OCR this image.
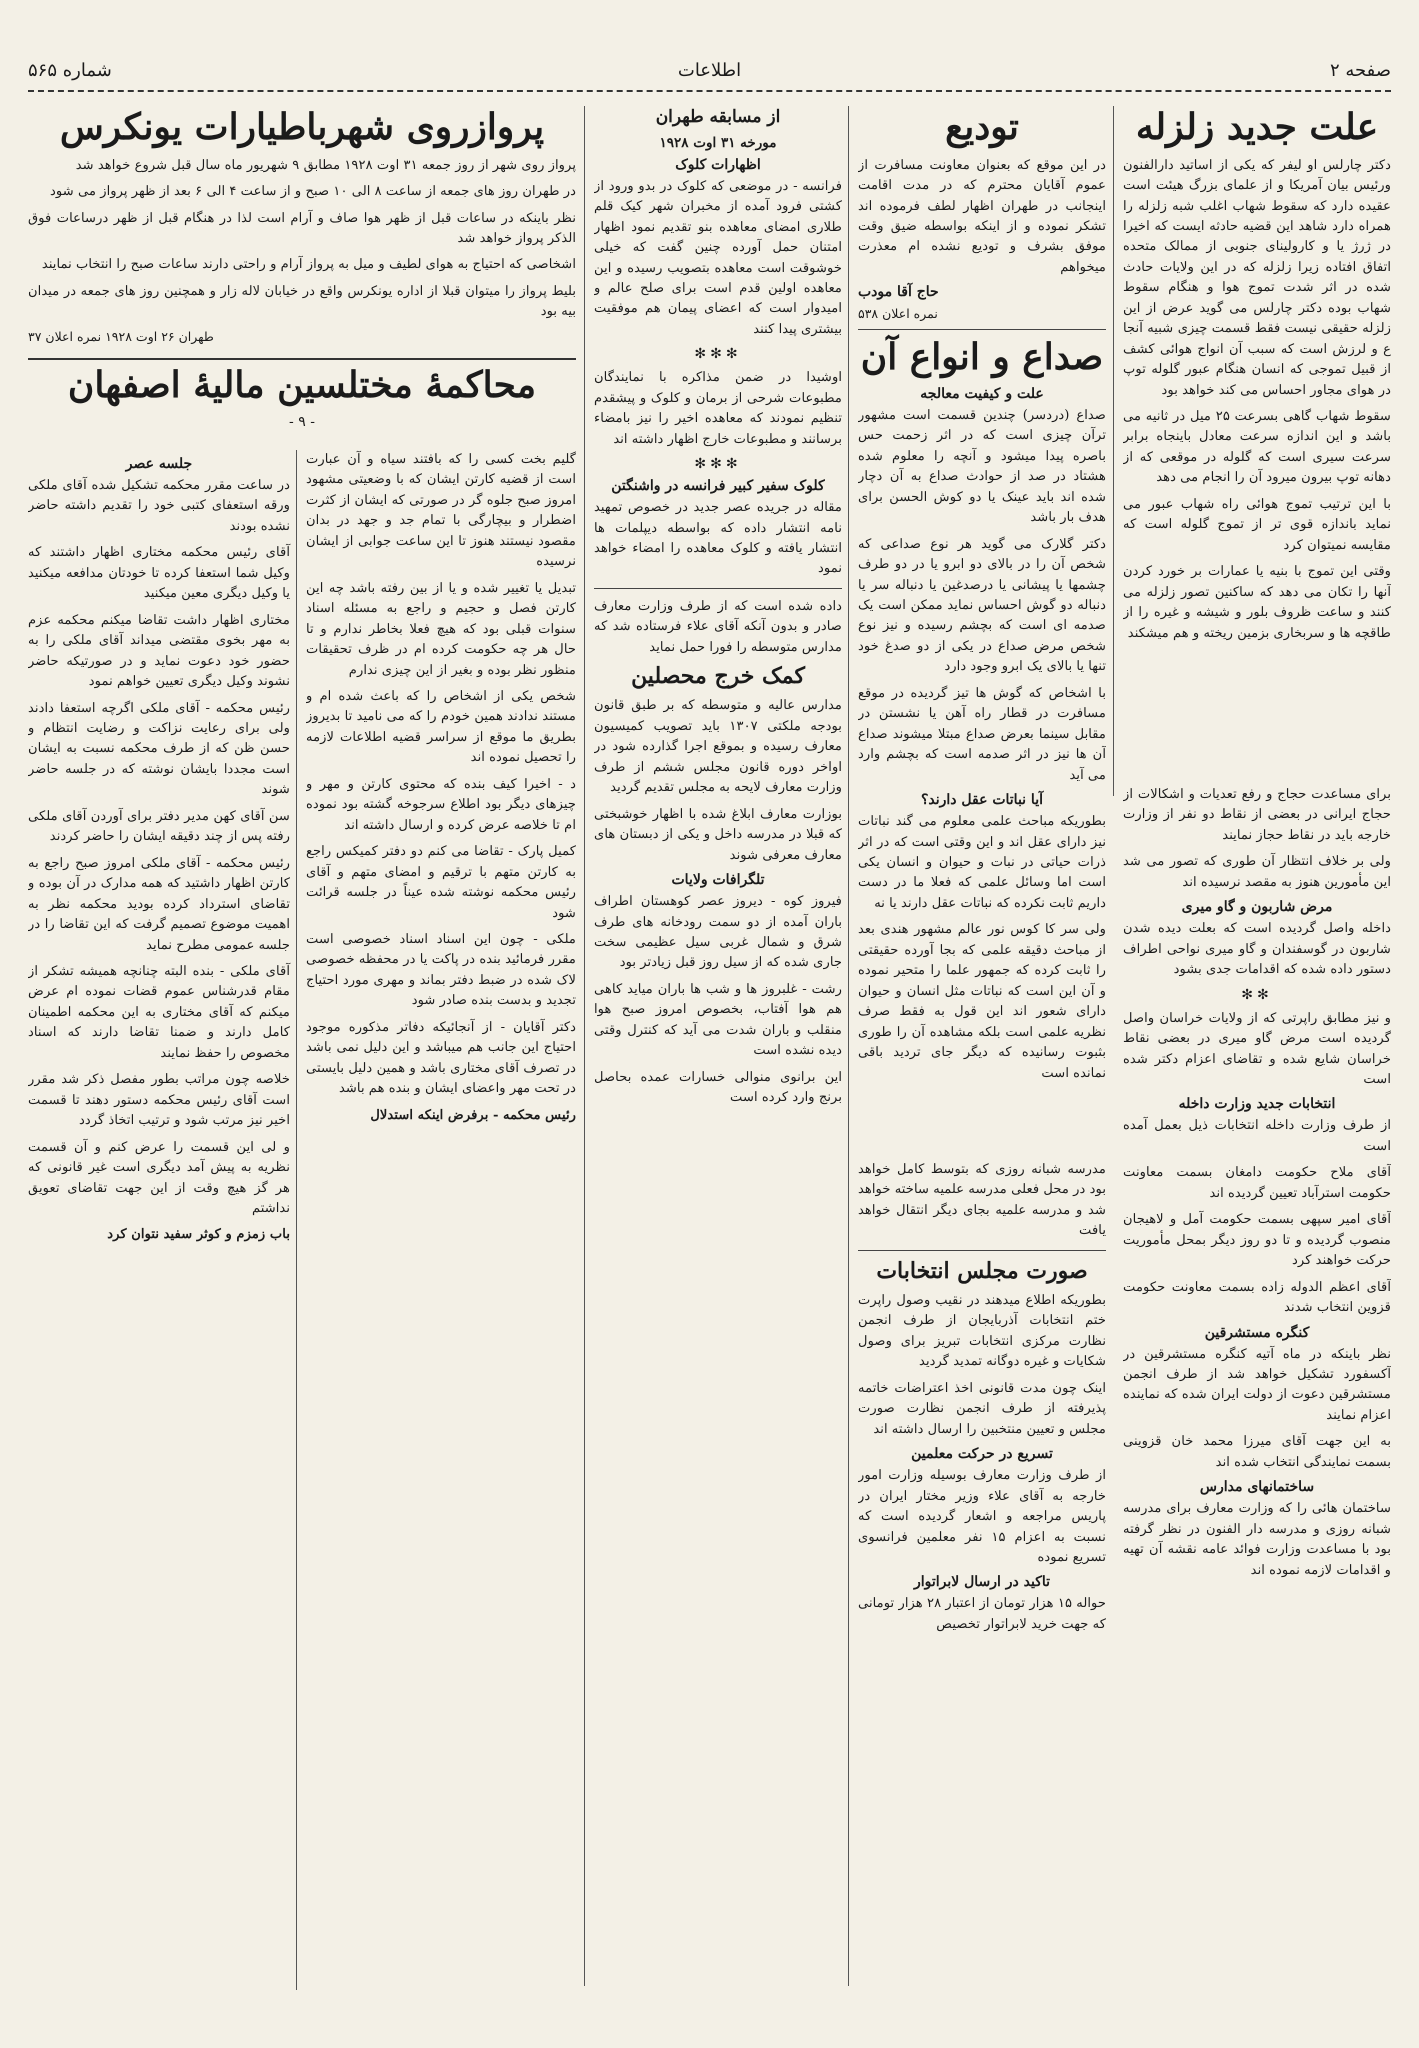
صفحه ۲
اطلاعات
شماره ۵۶۵
علت جدید زلزله

دکتر چارلس او لیفر که یکی از اساتید دارالفنون ورئیس بیان آمریکا و از علمای بزرگ هیئت است عقیده دارد که سقوط شهاب اغلب شبه زلزله را همراه دارد شاهد این قضیه حادثه ایست که اخیرا در ژرژ یا و کارولینای جنوبی از ممالک متحده اتفاق افتاده زیرا زلزله که در این ولایات حادث شده در اثر شدت تموج هوا و هنگام سقوط شهاب بوده دکتر چارلس می گوید عرض از این زلزله حقیقی نیست فقط قسمت چیزی شبیه آنجا ع و لرزش است که سبب آن انواج هوائی کشف از قبیل تموجی که انسان هنگام عبور گلوله توپ در هوای مجاور احساس می کند خواهد بود

سقوط شهاب گاهی بسرعت ۲۵ میل در ثانیه می باشد و این اندازه سرعت معادل باینجاه برابر سرعت سیری است که گلوله در موقعی که از دهانه توپ بیرون میرود آن را انجام می دهد

با این ترتیب تموج هوائی راه شهاب عبور می نماید باندازه قوی تر از تموج گلوله است که مقایسه نمیتوان کرد

وقتی این تموج با بنیه یا عمارات بر خورد کردن آنها را تکان می دهد که ساکنین تصور زلزله می کنند و ساعت ظروف بلور و شیشه و غیره را از طاقچه ها و سربخاری بزمین ریخته و هم میشکند

تودیع

در این موقع که بعنوان معاونت مسافرت از عموم آقایان محترم که در مدت اقامت اینجانب در طهران اظهار لطف فرموده اند تشکر نموده و از اینکه بواسطه ضیق وقت موفق بشرف و تودیع نشده ام معذرت میخواهم

حاج آقا مودب
نمره اعلان ۵۳۸
صداع و انواع آن
علت و کیفیت معالجه

صداع (دردسر) چندین قسمت است مشهور ترآن چیزی است که در اثر زحمت حس باصره پیدا میشود و آنچه را معلوم شده هشتاد در صد از حوادث صداع به آن دچار شده اند باید عینک یا دو کوش الحسن برای هدف بار باشد

دکتر گلارک می گوید هر نوع صداعی که شخص آن را در بالای دو ابرو یا در دو طرف چشمها یا پیشانی یا درصدغین یا دنباله سر یا دنباله دو گوش احساس نماید ممکن است یک صدمه ای است که بچشم رسیده و نیز نوع شخص مرض صداع در یکی از دو صدغ خود تنها یا بالای یک ابرو وجود دارد

با اشخاص که گوش ها تیز گردیده در موقع مسافرت در قطار راه آهن یا نشستن در مقابل سینما بعرض صداع مبتلا میشوند صداع آن ها نیز در اثر صدمه است که بچشم وارد می آید

آیا نباتات عقل دارند؟

بطوریکه مباحث علمی معلوم می گند نباتات نیز دارای عقل اند و این وقتی است که در اثر ذرات حیاتی در نبات و حیوان و انسان یکی است اما وسائل علمی که فعلا ما در دست داریم ثابت نکرده که نباتات عقل دارند یا نه

ولی سر کا کوس نور عالم مشهور هندی بعد از مباحث دقیقه علمی که بجا آورده حقیقتی را ثابت کرده که جمهور علما را متحیر نموده و آن این است که نباتات مثل انسان و حیوان دارای شعور اند این قول به فقط صرف نظریه علمی است بلکه مشاهده آن را طوری بثبوت رسانیده که دیگر جای تردید باقی نمانده است

برای مساعدت حجاج و رفع تعدیات و اشکالات از حجاج ایرانی در بعضی از نقاط دو نفر از وزارت خارجه باید در نقاط حجاز نمایند

ولی بر خلاف انتظار آن طوری که تصور می شد این مأمورین هنوز به مقصد نرسیده اند

مرض شاربون و گاو میری

داخله واصل گردیده است که بعلت دیده شدن شاربون در گوسفندان و گاو میری نواحی اطراف دستور داده شده که اقدامات جدی بشود

✻✻

و نیز مطابق راپرتی که از ولایات خراسان واصل گردیده است مرض گاو میری در بعضی نقاط خراسان شایع شده و تقاضای اعزام دکتر شده است

انتخابات جدید وزارت داخله

از طرف وزارت داخله انتخابات ذیل بعمل آمده است

آقای ملاح حکومت دامغان بسمت معاونت حکومت استرآباد تعیین گردیده اند

آقای امیر سپهی بسمت حکومت آمل و لاهیجان منصوب گردیده و تا دو روز دیگر بمحل مأموریت حرکت خواهند کرد

آقای اعظم الدوله زاده بسمت معاونت حکومت قزوین انتخاب شدند

کنگره مستشرقین

نظر باینکه در ماه آتیه کنگره مستشرقین در آکسفورد تشکیل خواهد شد از طرف انجمن مستشرقین دعوت از دولت ایران شده که نماینده اعزام نمایند

به این جهت آقای میرزا محمد خان قزوینی بسمت نمایندگی انتخاب شده اند

ساختمانهای مدارس

ساختمان هائی را که وزارت معارف برای مدرسه شبانه روزی و مدرسه دار الفنون در نظر گرفته بود با مساعدت وزارت فوائد عامه نقشه آن تهیه و اقدامات لازمه نموده اند

مدرسه شبانه روزی که بتوسط کامل خواهد بود در محل فعلی مدرسه علمیه ساخته خواهد شد و مدرسه علمیه بجای دیگر انتقال خواهد یافت

صورت مجلس انتخابات

بطوریکه اطلاع میدهند در نقیب وصول راپرت ختم انتخابات آذربایجان از طرف انجمن نظارت مرکزی انتخابات تبریز برای وصول شکایات و غیره دوگانه تمدید گردید

اینک چون مدت قانونی اخذ اعتراضات خاتمه پذیرفته از طرف انجمن نظارت صورت مجلس و تعیین منتخبین را ارسال داشته اند

تسریع در حرکت معلمین

از طرف وزارت معارف بوسیله وزارت امور خارجه به آقای علاء وزیر مختار ایران در پاریس مراجعه و اشعار گردیده است که نسبت به اعزام ۱۵ نفر معلمین فرانسوی تسریع نموده

تاکید در ارسال لابراتوار

حواله ۱۵ هزار تومان از اعتبار ۲۸ هزار تومانی که جهت خرید لابراتوار تخصیص

از مسابقه طهران
مورخه ۳۱ اوت ۱۹۲۸
اظهارات کلوک

فرانسه - در موضعی که کلوک در بدو ورود از کشتی فرود آمده از مخبران شهر کیک قلم طلاری امضای معاهده بنو تقدیم نمود اظهار امتنان حمل آورده چنین گفت که خیلی خوشوقت است معاهده بتصویب رسیده و این معاهده اولین قدم است برای صلح عالم و امیدوار است که اعضای پیمان هم موفقیت بیشتری پیدا کنند

✻✻✻

اوشیدا در ضمن مذاکره با نمایندگان مطبوعات شرحی از برمان و کلوک و پیشقدم تنظیم نمودند که معاهده اخیر را نیز بامضاء برسانند و مطبوعات خارج اظهار داشته اند

✻✻✻
کلوک سفیر کبیر فرانسه در واشنگتن

مقاله در جریده عصر جدید در خصوص تمهید نامه انتشار داده که بواسطه دیپلمات ها انتشار یافته و کلوک معاهده را امضاء خواهد نمود

داده شده است که از طرف وزارت معارف صادر و بدون آنکه آقای علاء فرستاده شد که مدارس متوسطه را فورا حمل نماید

کمک خرج محصلین

مدارس عالیه و متوسطه که بر طبق قانون بودجه ملکتی ۱۳۰۷ باید تصویب کمیسیون معارف رسیده و بموقع اجرا گذارده شود در اواخر دوره قانون مجلس ششم از طرف وزارت معارف لایحه به مجلس تقدیم گردید

بوزارت معارف ابلاغ شده با اظهار خوشبختی که قبلا در مدرسه داخل و یکی از دبستان های معارف معرفی شوند

تلگرافات ولایات

فیروز کوه - دیروز عصر کوهستان اطراف باران آمده از دو سمت رودخانه های طرف شرق و شمال غربی سیل عظیمی سخت جاری شده که از سیل روز قبل زیادتر بود

رشت - غلبروز ها و شب ها باران میاید کاهی هم هوا آفتاب، بخصوص امروز صبح هوا منقلب و باران شدت می آید که کنترل وقتی دیده نشده است

این برانوی منوالی خسارات عمده بحاصل برنج وارد کرده است

پروازروی شهرباطیارات یونکرس

پرواز روی شهر از روز جمعه ۳۱ اوت ۱۹۲۸ مطابق ۹ شهریور ماه سال قبل شروع خواهد شد

در طهران روز های جمعه از ساعت ۸ الی ۱۰ صبح و از ساعت ۴ الی ۶ بعد از ظهر پرواز می شود

نظر باینکه در ساعات قبل از ظهر هوا صاف و آرام است لذا در هنگام قبل از ظهر درساعات فوق الذکر پرواز خواهد شد

اشخاصی که احتیاج به هوای لطیف و میل به پرواز آرام و راحتی دارند ساعات صبح را انتخاب نمایند

بلیط پرواز را میتوان قبلا از اداره یونکرس واقع در خیابان لاله زار و همچنین روز های جمعه در میدان بیه بود

طهران ۲۶ اوت ۱۹۲۸ نمره اعلان ۳۷
محاکمهٔ مختلسین مالیهٔ اصفهان
- ۹ -

گلیم بخت کسی را که بافتند سیاه و آن عبارت است از قضیه کارتن ایشان که با وضعیتی مشهود امروز صبح جلوه گر در صورتی که ایشان از کثرت اضطرار و بیچارگی با تمام جد و جهد در بدان مقصود نیستند هنوز تا این ساعت جوابی از ایشان نرسیده

تبدیل یا تغییر شده و یا از بین رفته باشد چه این کارتن فصل و حجیم و راجع به مسئله اسناد سنوات قبلی بود که هیچ فعلا بخاطر ندارم و تا حال هر چه حکومت کرده ام در ظرف تحقیقات منظور نظر بوده و بغیر از این چیزی ندارم

شخص یکی از اشخاص را که باعث شده ام و مستند ندادند همین خودم را که می نامید تا بدیروز بطریق ما موقع از سراسر قضیه اطلاعات لازمه را تحصیل نموده اند

د - اخیرا کیف بنده که محتوی کارتن و مهر و چیزهای دیگر بود اطلاع سرجوخه گشته بود نموده ام تا خلاصه عرض کرده و ارسال داشته اند

کمیل پارک - تقاضا می کنم دو دفتر کمیکس راجع به کارتن متهم با ترقیم و امضای متهم و آقای رئیس محکمه نوشته شده عیناً در جلسه قرائت شود

ملکی - چون این اسناد اسناد خصوصی است مقرر فرمائید بنده در پاکت یا در محفظه خصوصی لاک شده در ضبط دفتر بماند و مهری مورد احتیاج تجدید و بدست بنده صادر شود

دکتر آقایان - از آنجائیکه دفاتر مذکوره موجود احتیاج این جانب هم میباشد و این دلیل نمی باشد در تصرف آقای مختاری باشد و همین دلیل بایستی در تحت مهر واعضای ایشان و بنده هم باشد

رئیس محکمه - برفرض اینکه استدلال

جلسه عصر

در ساعت مقرر محکمه تشکیل شده آقای ملکی ورقه استعفای کتبی خود را تقدیم داشته حاضر نشده بودند

آقای رئیس محکمه مختاری اظهار داشتند که وکیل شما استعفا کرده تا خودتان مدافعه میکنید یا وکیل دیگری معین میکنید

مختاری اظهار داشت تقاضا میکنم محکمه عزم به مهر بخوی مقتضی میداند آقای ملکی را به حضور خود دعوت نماید و در صورتیکه حاضر نشوند وکیل دیگری تعیین خواهم نمود

رئیس محکمه - آقای ملکی اگرچه استعفا دادند ولی برای رعایت نزاکت و رضایت انتظام و حسن ظن که از طرف محکمه نسبت به ایشان است مجددا بایشان نوشته که در جلسه حاضر شوند

سن آقای کهن مدیر دفتر برای آوردن آقای ملکی رفته پس از چند دقیقه ایشان را حاضر کردند

رئیس محکمه - آقای ملکی امروز صبح راجع به کارتن اظهار داشتید که همه مدارک در آن بوده و تقاضای استرداد کرده بودید محکمه نظر به اهمیت موضوع تصمیم گرفت که این تقاضا را در جلسه عمومی مطرح نماید

آقای ملکی - بنده البته چنانچه همیشه تشکر از مقام قدرشناس عموم قضات نموده ام عرض میکنم که آقای مختاری به این محکمه اطمینان کامل دارند و ضمنا تقاضا دارند که اسناد مخصوص را حفظ نمایند

خلاصه چون مراتب بطور مفصل ذکر شد مقرر است آقای رئیس محکمه دستور دهند تا قسمت اخیر نیز مرتب شود و ترتیب اتخاذ گردد

و لی این قسمت را عرض کنم و آن قسمت نظریه به پیش آمد دیگری است غیر قانونی که هر گز هیچ وقت از این جهت تقاضای تعویق نداشتم

باب زمزم و کوثر سفید نتوان کرد
